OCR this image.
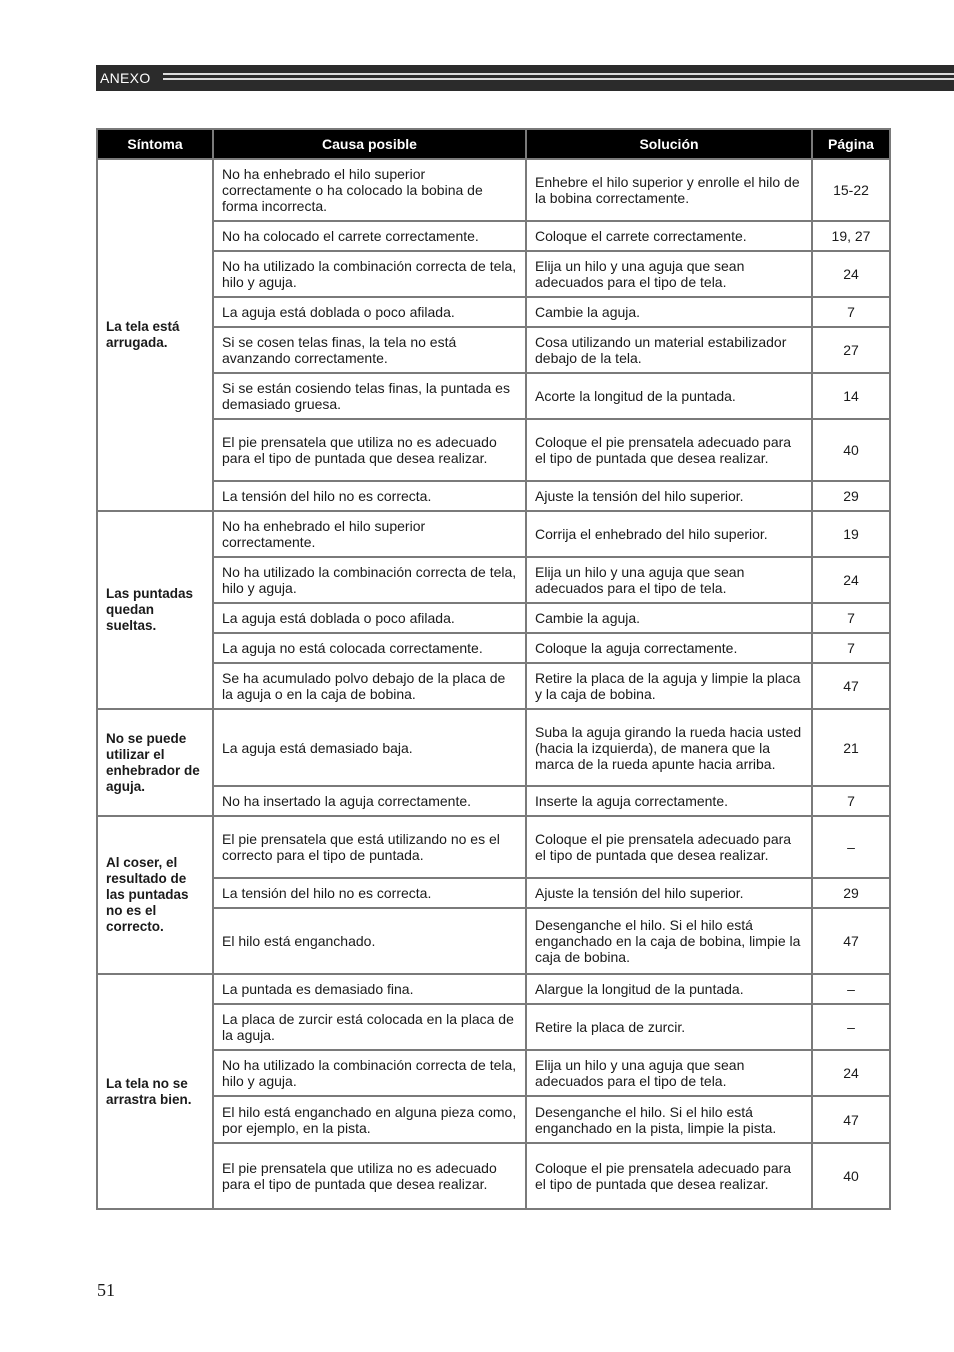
ANEXO
Síntoma	Causa posible	Solución	Página
La tela está arrugada.	No ha enhebrado el hilo superior correctamente o ha colocado la bobina de forma incorrecta.	Enhebre el hilo superior y enrolle el hilo de la bobina correctamente.	15-22
	No ha colocado el carrete correctamente.	Coloque el carrete correctamente.	19, 27
	No ha utilizado la combinación correcta de tela, hilo y aguja.	Elija un hilo y una aguja que sean adecuados para el tipo de tela.	24
	La aguja está doblada o poco afilada.	Cambie la aguja.	7
	Si se cosen telas finas, la tela no está avanzando correctamente.	Cosa utilizando un material estabilizador debajo de la tela.	27
	Si se están cosiendo telas finas, la puntada es demasiado gruesa.	Acorte la longitud de la puntada.	14
	El pie prensatela que utiliza no es adecuado para el tipo de puntada que desea realizar.	Coloque el pie prensatela adecuado para el tipo de puntada que desea realizar.	40
	La tensión del hilo no es correcta.	Ajuste la tensión del hilo superior.	29
Las puntadas quedan sueltas.	No ha enhebrado el hilo superior correctamente.	Corrija el enhebrado del hilo superior.	19
	No ha utilizado la combinación correcta de tela, hilo y aguja.	Elija un hilo y una aguja que sean adecuados para el tipo de tela.	24
	La aguja está doblada o poco afilada.	Cambie la aguja.	7
	La aguja no está colocada correctamente.	Coloque la aguja correctamente.	7
	Se ha acumulado polvo debajo de la placa de la aguja o en la caja de bobina.	Retire la placa de la aguja y limpie la placa y la caja de bobina.	47
No se puede utilizar el enhebrador de aguja.	La aguja está demasiado baja.	Suba la aguja girando la rueda hacia usted (hacia la izquierda), de manera que la marca de la rueda apunte hacia arriba.	21
	No ha insertado la aguja correctamente.	Inserte la aguja correctamente.	7
Al coser, el resultado de las puntadas no es el correcto.	El pie prensatela que está utilizando no es el correcto para el tipo de puntada.	Coloque el pie prensatela adecuado para el tipo de puntada que desea realizar.	–
	La tensión del hilo no es correcta.	Ajuste la tensión del hilo superior.	29
	El hilo está enganchado.	Desenganche el hilo. Si el hilo está enganchado en la caja de bobina, limpie la caja de bobina.	47
La tela no se arrastra bien.	La puntada es demasiado fina.	Alargue la longitud de la puntada.	–
	La placa de zurcir está colocada en la placa de la aguja.	Retire la placa de zurcir.	–
	No ha utilizado la combinación correcta de tela, hilo y aguja.	Elija un hilo y una aguja que sean adecuados para el tipo de tela.	24
	El hilo está enganchado en alguna pieza como, por ejemplo, en la pista.	Desenganche el hilo. Si el hilo está enganchado en la pista, limpie la pista.	47
	El pie prensatela que utiliza no es adecuado para el tipo de puntada que desea realizar.	Coloque el pie prensatela adecuado para el tipo de puntada que desea realizar.	40
51
